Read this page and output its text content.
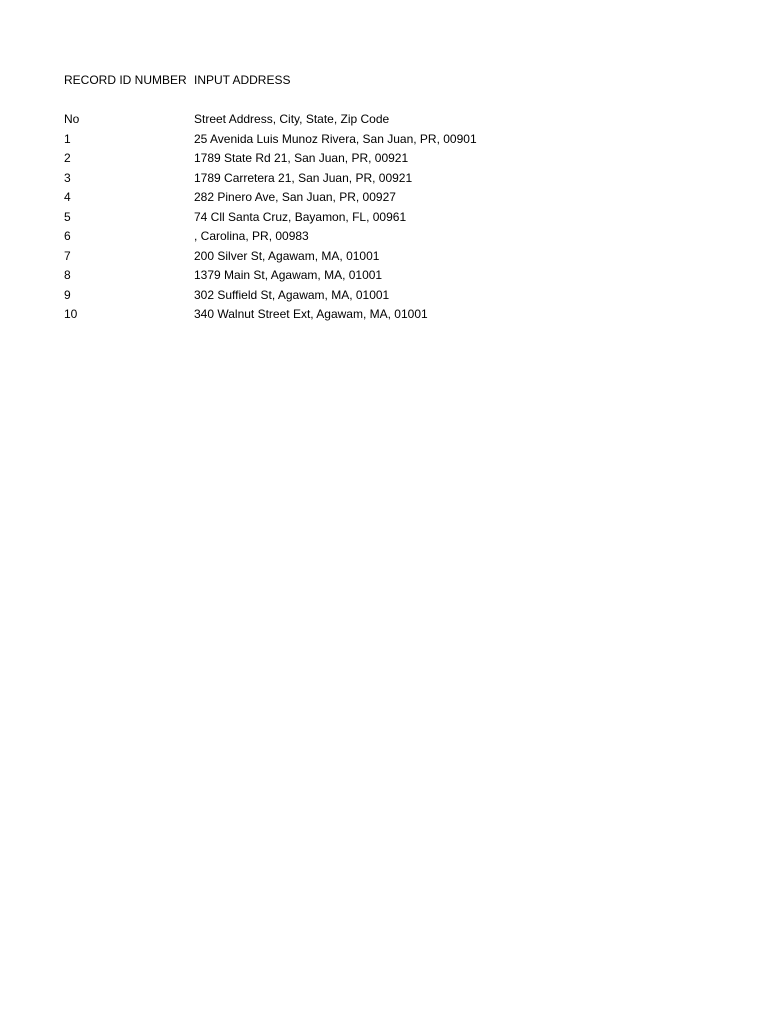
RECORD ID NUMBER INPUT ADDRESS
No	Street Address, City, State, Zip Code
1	25 Avenida Luis Munoz Rivera, San Juan, PR, 00901
2	1789 State Rd 21, San Juan, PR, 00921
3	1789 Carretera 21, San Juan, PR, 00921
4	282 Pinero Ave, San Juan, PR, 00927
5	74 Cll Santa Cruz, Bayamon, FL, 00961
6	, Carolina, PR, 00983
7	200 Silver St, Agawam, MA, 01001
8	1379 Main St, Agawam, MA, 01001
9	302 Suffield St, Agawam, MA, 01001
10	340 Walnut Street Ext, Agawam, MA, 01001
